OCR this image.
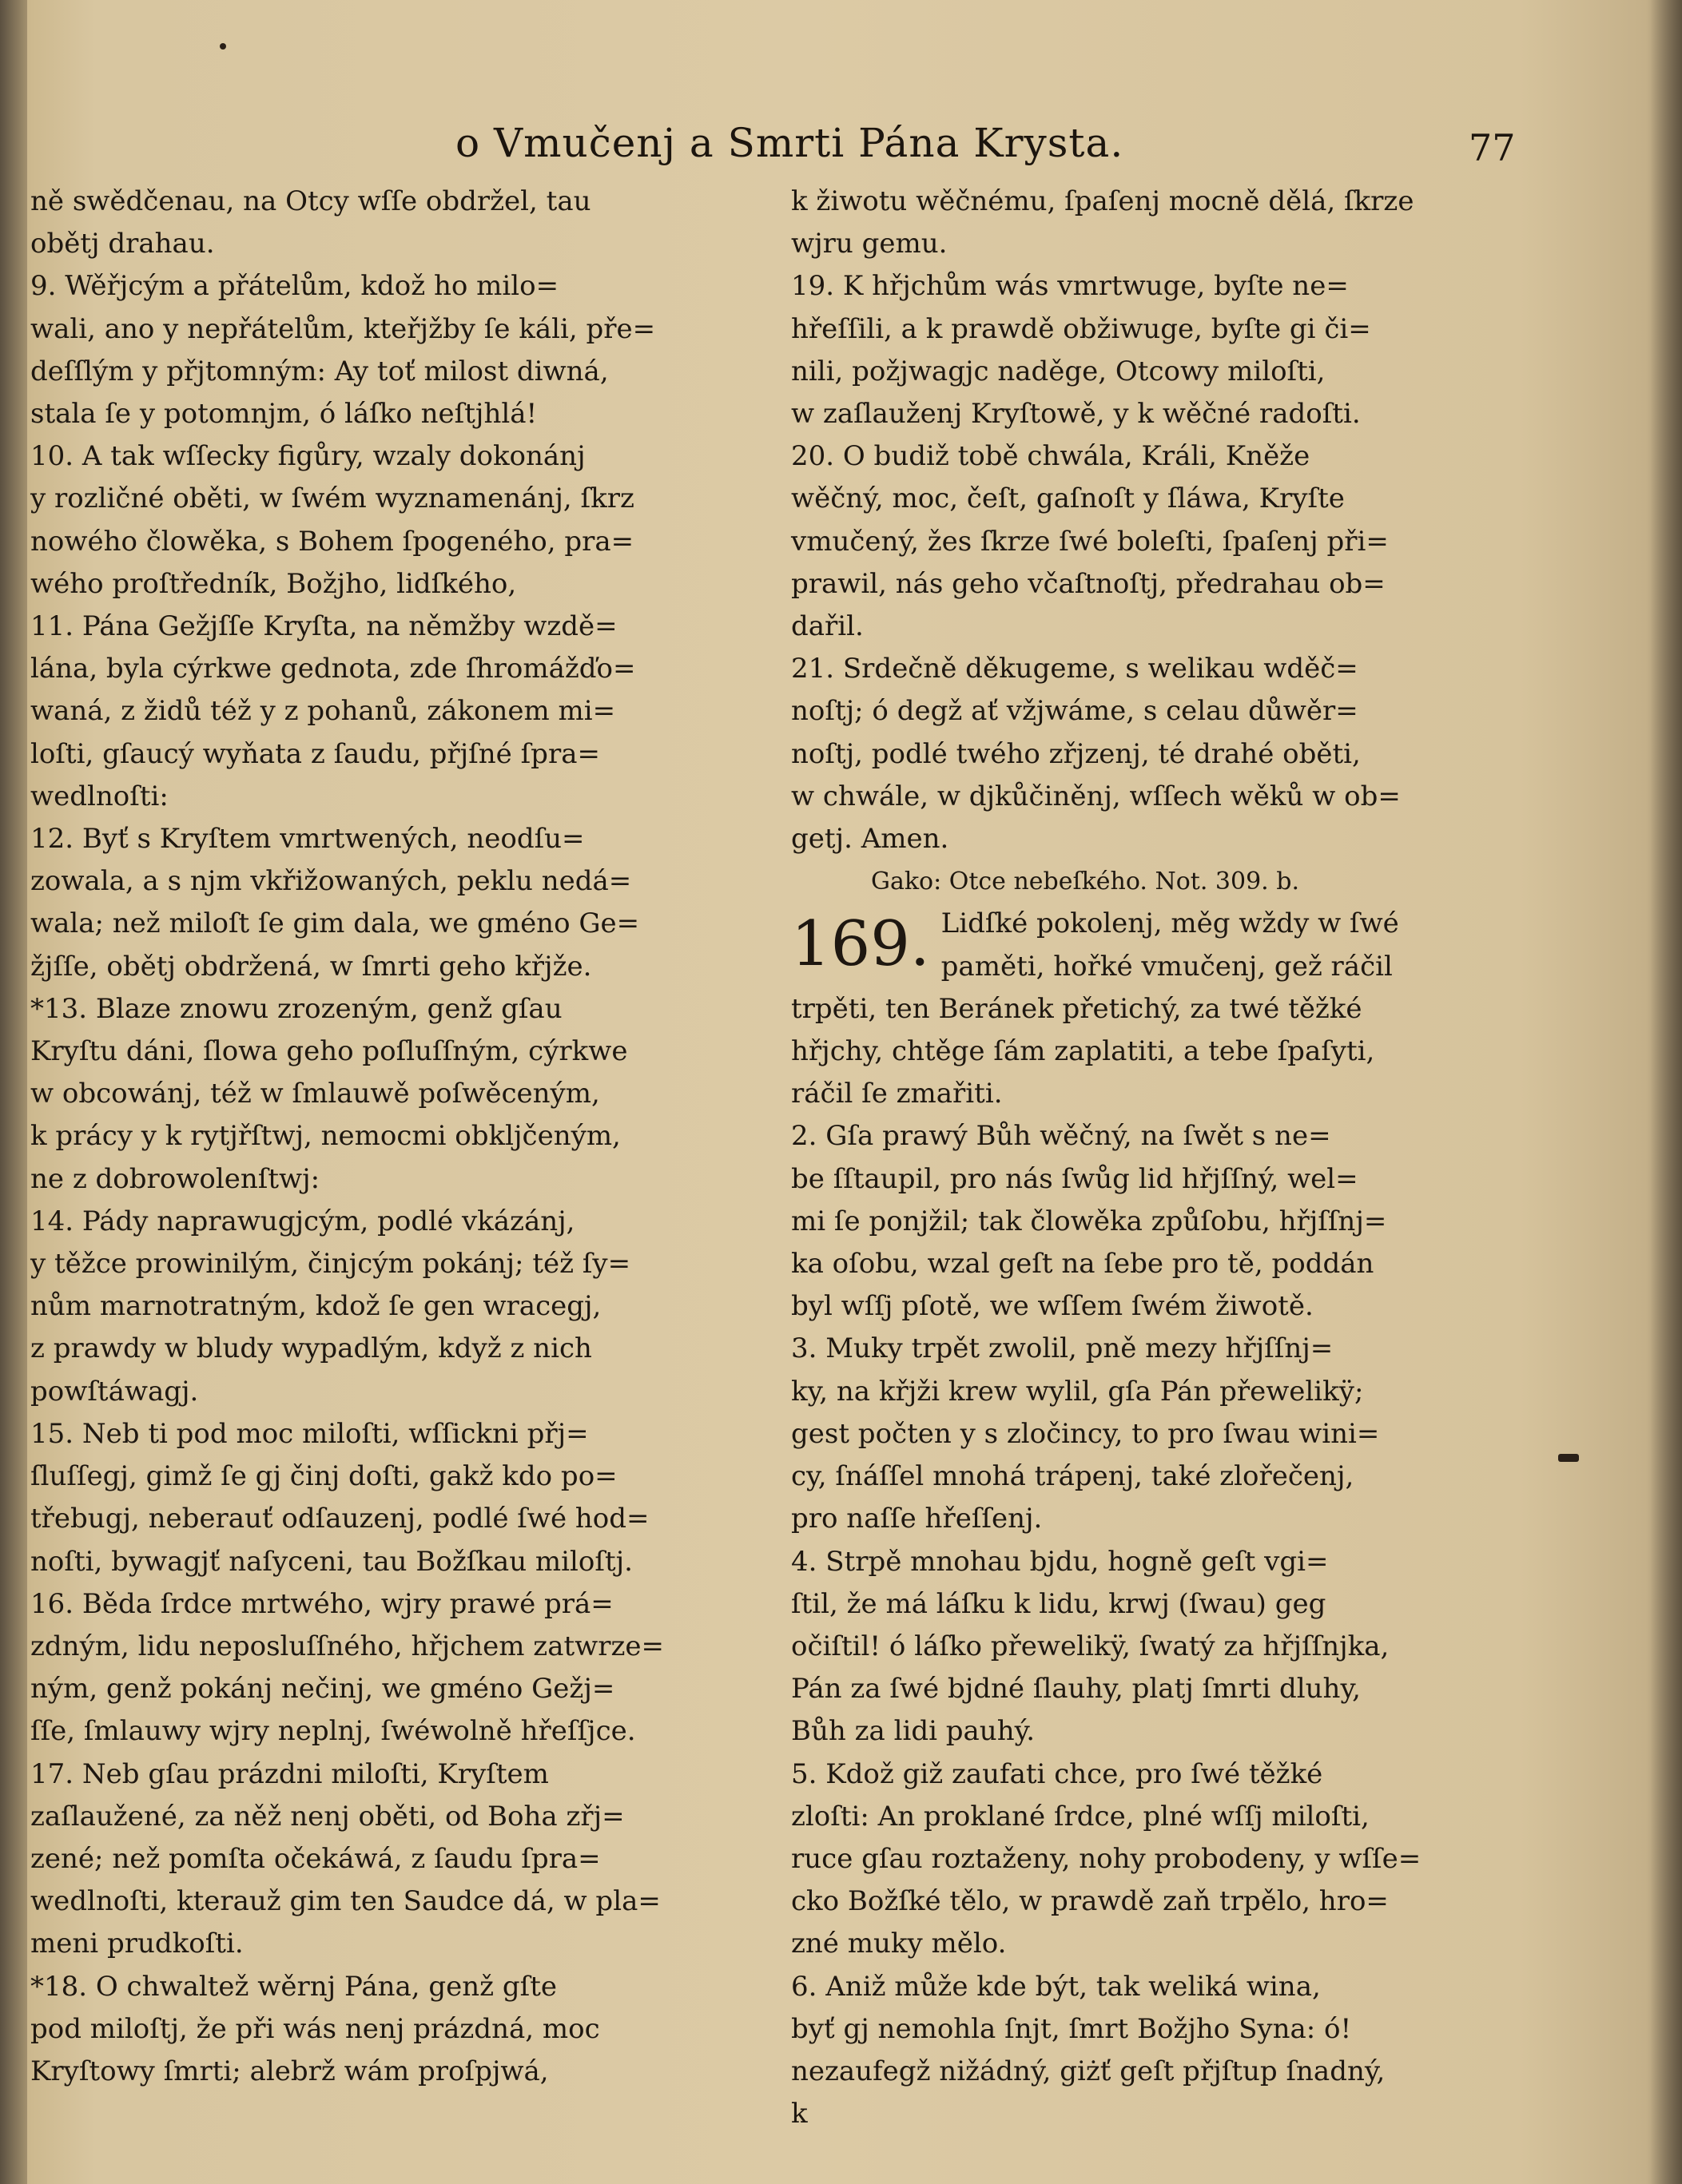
o Vmučenj a Smrti Pána Krysta.	77

ně swědčenau, na Otcy wſſe obdržel, tau
obětj drahau.
9. Wěřjcým a přátelům, kdož ho milo=
wali, ano y nepřátelům, kteřjžby ſe káli, pře=
deſſlým y přjtomným: Ay toť milost diwná,
stala ſe y potomnjm, ó láſko neſtjhlá!
10. A tak wſſecky figůry, wzaly dokonánj
y rozličné oběti, w ſwém wyznamenánj, ſkrz
nowého člowěka, s Bohem ſpogeného, pra=
wého proſtředník, Božjho, lidſkého,
11. Pána Gežjſſe Kryſta, na němžby wzdě=
lána, byla cýrkwe gednota, zde ſhromážďo=
waná, z židů též y z pohanů, zákonem mi=
loſti, gſaucý wyňata z ſaudu, přjſné ſpra=
wedlnoſti:
12. Byť s Kryſtem vmrtwených, neodſu=
zowala, a s njm vkřižowaných, peklu nedá=
wala; než miloſt ſe gim dala, we gméno Ge=
žjſſe, obětj obdržená, w ſmrti geho křjže.
*13. Blaze znowu zrozeným, genž gſau
Kryſtu dáni, ſlowa geho poſluſſným, cýrkwe
w obcowánj, též w ſmlauwě poſwěceným,
k prácy y k rytjřſtwj, nemocmi obkljčeným,
ne z dobrowolenſtwj:
14. Pády naprawugjcým, podlé vkázánj,
y těžce prowinilým, činjcým pokánj; též ſy=
nům marnotratným, kdož ſe gen wracegj,
z prawdy w bludy wypadlým, když z nich
powſtáwagj.
15. Neb ti pod moc miloſti, wſſickni přj=
ſluſſegj, gimž ſe gj činj doſti, gakž kdo po=
třebugj, neberauť odſauzenj, podlé ſwé hod=
noſti, bywagjť naſyceni, tau Božſkau miloſtj.
16. Běda ſrdce mrtwého, wjry prawé prá=
zdným, lidu neposluſſného, hřjchem zatwrze=
ným, genž pokánj nečinj, we gméno Gežj=
ſſe, ſmlauwy wjry neplnj, ſwéwolně hřeſſjce.
17. Neb gſau prázdni miloſti, Kryſtem
zaſlaužené, za něž nenj oběti, od Boha zřj=
zené; než pomſta očekáwá, z ſaudu ſpra=
wedlnoſti, kterauž gim ten Saudce dá, w pla=
meni prudkoſti.
*18. O chwaltež wěrnj Pána, genž gſte
pod miloſtj, že při wás nenj prázdná, moc
Kryſtowy ſmrti; alebrž wám proſpjwá,

k žiwotu wěčnému, ſpaſenj mocně dělá, ſkrze
wjru gemu.
19. K hřjchům wás vmrtwuge, byſte ne=
hřeſſili, a k prawdě obžiwuge, byſte gi či=
nili, požjwagjc naděge, Otcowy miloſti,
w zaſlauženj Kryſtowě, y k wěčné radoſti.
20. O budiž tobě chwála, Králi, Kněže
wěčný, moc, čeſt, gaſnoſt y ſláwa, Kryſte
vmučený, žes ſkrze ſwé boleſti, ſpaſenj při=
prawil, nás geho včaſtnoſtj, předrahau ob=
dařil.
21. Srdečně děkugeme, s welikau wděč=
noſtj; ó degž ať vžjwáme, s celau důwěr=
noſtj, podlé twého zřjzenj, té drahé oběti,
w chwále, w djkůčiněnj, wſſech wěků w ob=
getj. Amen.

Gako: Otce nebeſkého. Not. 309. b.

169. Lidſké pokolenj, měg wždy w ſwé
paměti, hořké vmučenj, gež ráčil

trpěti, ten Beránek přetichý, za twé těžké
hřjchy, chtěge ſám zaplatiti, a tebe ſpaſyti,
ráčil ſe zmařiti.
2. Gſa prawý Bůh wěčný, na ſwět s ne=
be ſſtaupil, pro nás ſwůg lid hřjſſný, wel=
mi ſe ponjžil; tak člowěka způſobu, hřjſſnj=
ka oſobu, wzal geſt na ſebe pro tě, poddán
byl wſſj pſotě, we wſſem ſwém žiwotě.
3. Muky trpět zwolil, pně mezy hřjſſnj=
ky, na křjži krew wylil, gſa Pán přewelikÿ;
gest počten y s zločincy, to pro ſwau wini=
cy, ſnáſſel mnohá trápenj, také zlořečenj,
pro naſſe hřeſſenj.
4. Strpě mnohau bjdu, hogně geſt vgi=
ſtil, že má láſku k lidu, krwj (ſwau) geg
očiſtil! ó láſko přewelikÿ, ſwatý za hřjſſnjka,
Pán za ſwé bjdné ſlauhy, platj ſmrti dluhy,
Bůh za lidi pauhý.
5. Kdož giž zaufati chce, pro ſwé těžké
zloſti: An proklané ſrdce, plné wſſj miloſti,
ruce gſau roztaženy, nohy probodeny, y wſſe=
cko Božſké tělo, w prawdě zaň trpělo, hro=
zné muky mělo.
6. Aniž může kde být, tak weliká wina,
byť gj nemohla ſnjt, ſmrt Božjho Syna: ó!
nezaufegž nižádný, giżť geſt přjſtup ſnadný,
k
